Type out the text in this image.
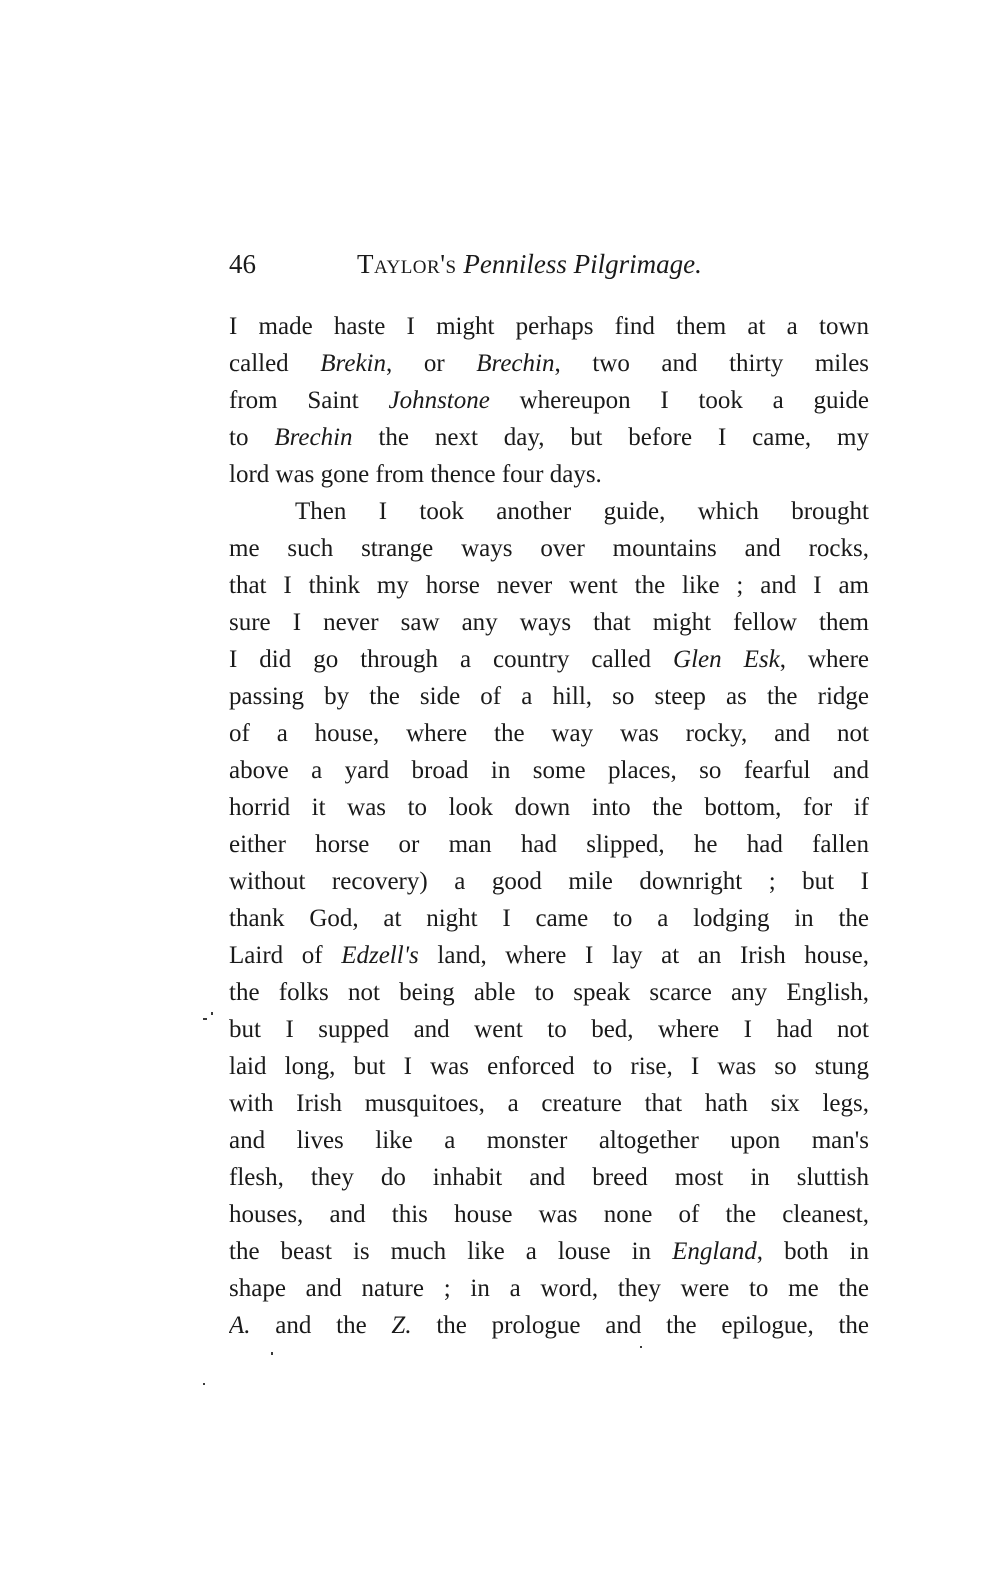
46	Taylor's Penniless Pilgrimage.
I made haste I might perhaps find them at a town
called Brekin, or Brechin, two and thirty miles
from Saint Johnstone whereupon I took a guide
to Brechin the next day, but before I came, my
lord was gone from thence four days.
Then I took another guide, which brought
me such strange ways over mountains and rocks,
that I think my horse never went the like ; and I am
sure I never saw any ways that might fellow them
I did go through a country called Glen Esk, where
passing by the side of a hill, so steep as the ridge
of a house, where the way was rocky, and not
above a yard broad in some places, so fearful and
horrid it was to look down into the bottom, for if
either horse or man had slipped, he had fallen
without recovery) a good mile downright ; but I
thank God, at night I came to a lodging in the
Laird of Edzell's land, where I lay at an Irish house,
the folks not being able to speak scarce any English,
but I supped and went to bed, where I had not
laid long, but I was enforced to rise, I was so stung
with Irish musquitoes, a creature that hath six legs,
and lives like a monster altogether upon man's
flesh, they do inhabit and breed most in sluttish
houses, and this house was none of the cleanest,
the beast is much like a louse in England, both in
shape and nature ; in a word, they were to me the
A. and the Z. the prologue and the epilogue, the
